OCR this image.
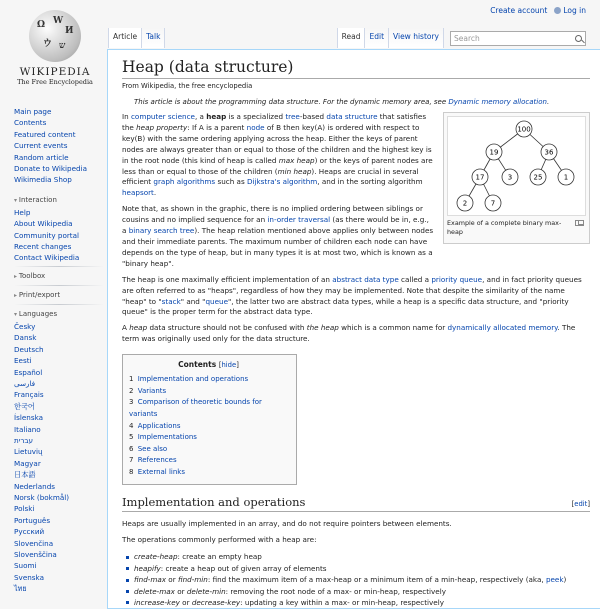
Create account	Log in
Ω W
И
ウ ש
WIKIPEDIA
The Free Encyclopedia
Article	Talk	Read	Edit	View history	Search
Main page
Contents
Featured content
Current events
Random article
Donate to Wikipedia
Wikimedia Shop
▾ Interaction
Help
About Wikipedia
Community portal
Recent changes
Contact Wikipedia
▸ Toolbox
▸ Print/export
▾ Languages
Česky
Dansk
Deutsch
Eesti
Español
فارسی
Français
한국어
Íslenska
Italiano
עברית
Lietuvių
Magyar
日本語
Nederlands
Norsk (bokmål)
Polski
Português
Русский
Slovenčina
Slovenščina
Suomi
Svenska
ไทย
Heap (data structure)
From Wikipedia, the free encyclopedia
This article is about the programming data structure. For the dynamic memory area, see Dynamic memory allocation.
100
19	36
17	3	25	1
2	7
Example of a complete binary max-heap

In computer science, a heap is a specialized tree-based data structure that satisfies the heap property: If A is a parent node of B then key(A) is ordered with respect to key(B) with the same ordering applying across the heap. Either the keys of parent nodes are always greater than or equal to those of the children and the highest key is in the root node (this kind of heap is called max heap) or the keys of parent nodes are less than or equal to those of the children (min heap). Heaps are crucial in several efficient graph algorithms such as Dijkstra's algorithm, and in the sorting algorithm heapsort.

Note that, as shown in the graphic, there is no implied ordering between siblings or cousins and no implied sequence for an in-order traversal (as there would be in, e.g., a binary search tree). The heap relation mentioned above applies only between nodes and their immediate parents. The maximum number of children each node can have depends on the type of heap, but in many types it is at most two, which is known as a "binary heap".

The heap is one maximally efficient implementation of an abstract data type called a priority queue, and in fact priority queues are often referred to as "heaps", regardless of how they may be implemented. Note that despite the similarity of the name "heap" to "stack" and "queue", the latter two are abstract data types, while a heap is a specific data structure, and "priority queue" is the proper term for the abstract data type.

A heap data structure should not be confused with the heap which is a common name for dynamically allocated memory. The term was originally used only for the data structure.

Contents [hide]
1 Implementation and operations
2 Variants
3 Comparison of theoretic bounds for variants
4 Applications
5 Implementations
6 See also
7 References
8 External links
Implementation and operations	[edit]

Heaps are usually implemented in an array, and do not require pointers between elements.

The operations commonly performed with a heap are:

create-heap: create an empty heap
heapify: create a heap out of given array of elements
find-max or find-min: find the maximum item of a max-heap or a minimum item of a min-heap, respectively (aka, peek)
delete-max or delete-min: removing the root node of a max- or min-heap, respectively
increase-key or decrease-key: updating a key within a max- or min-heap, respectively
